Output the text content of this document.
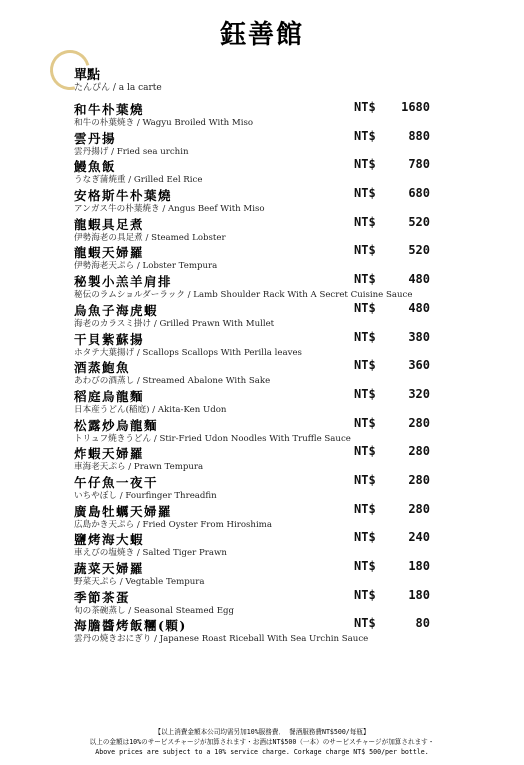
鈺善館
單點
たんぴん / a la carte
和牛朴葉燒	NT$ 1680
和牛の朴葉焼き / Wagyu Broiled With Miso
雲丹揚	NT$	880
雲丹揚げ / Fried sea urchin
鰻魚飯	NT$	780
うなぎ蒲焼重 / Grilled Eel Rice
安格斯牛朴葉燒	NT$	680
アンガス牛の朴葉焼き / Angus Beef With Miso
龍蝦具足煮	NT$	520
伊勢海老の具足煮 / Steamed Lobster
龍蝦天婦羅	NT$	520
伊勢海老天ぷら / Lobster Tempura
秘製小羔羊肩排	NT$	480
秘伝のラムショルダーラック / Lamb Shoulder Rack With A Secret Cuisine Sauce
烏魚子海虎蝦	NT$	480
海老のカラスミ掛け / Grilled Prawn With Mullet
干貝紫蘇揚	NT$	380
ホタテ大葉揚げ / Scallops Scallops With Perilla leaves
酒蒸鮑魚	NT$	360
あわびの酒蒸し / Streamed Abalone With Sake
稻庭烏龍麵	NT$	320
日本産うどん(稲庭) / Akita-Ken Udon
松露炒烏龍麵	NT$	280
トリュフ焼きうどん / Stir-Fried Udon Noodles With Truffle Sauce
炸蝦天婦羅	NT$	280
車海老天ぷら / Prawn Tempura
午仔魚一夜干	NT$	280
いちやぼし / Fourfinger Threadfin
廣島牡蠣天婦羅	NT$	280
広島かき天ぷら / Fried Oyster From Hiroshima
鹽烤海大蝦	NT$	240
車えびの塩焼き / Salted Tiger Prawn
蔬菜天婦羅	NT$	180
野菜天ぷら / Vegtable Tempura
季節茶蛋	NT$	180
旬の茶碗蒸し / Seasonal Steamed Egg
海膽醬烤飯糰(顆)	NT$	80
雲丹の焼きおにぎり / Japanese Roast Riceball With Sea Urchin Sauce
【以上消費金額本公司均需另加10%服務費． 餐酒服務費NT$500/每瓶】
以上の金額は10%のサービスチャージが加算されます・お酒はNT$500（一本）のサービスチャージが加算されます・
Above prices are subject to a 10% service charge. Corkage charge NT$ 500/per bottle.
